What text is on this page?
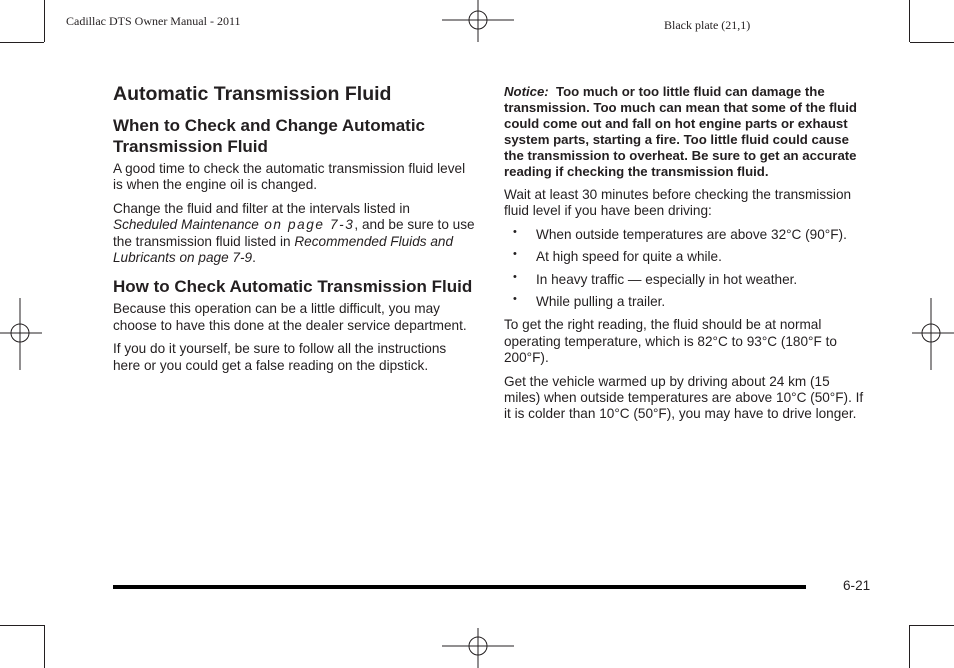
Cadillac DTS Owner Manual - 2011	Black plate (21,1)
Automatic Transmission Fluid
When to Check and Change Automatic Transmission Fluid

A good time to check the automatic transmission fluid level is when the engine oil is changed.

Change the fluid and filter at the intervals listed in Scheduled Maintenance on page 7-3, and be sure to use the transmission fluid listed in Recommended Fluids and Lubricants on page 7-9.

How to Check Automatic Transmission Fluid

Because this operation can be a little difficult, you may choose to have this done at the dealer service department.

If you do it yourself, be sure to follow all the instructions here or you could get a false reading on the dipstick.

Notice: Too much or too little fluid can damage the transmission. Too much can mean that some of the fluid could come out and fall on hot engine parts or exhaust system parts, starting a fire. Too little fluid could cause the transmission to overheat. Be sure to get an accurate reading if checking the transmission fluid.

Wait at least 30 minutes before checking the transmission fluid level if you have been driving:

• When outside temperatures are above 32°C (90°F).
• At high speed for quite a while.
• In heavy traffic — especially in hot weather.
• While pulling a trailer.

To get the right reading, the fluid should be at normal operating temperature, which is 82°C to 93°C (180°F to 200°F).

Get the vehicle warmed up by driving about 24 km (15 miles) when outside temperatures are above 10°C (50°F). If it is colder than 10°C (50°F), you may have to drive longer.

6-21
